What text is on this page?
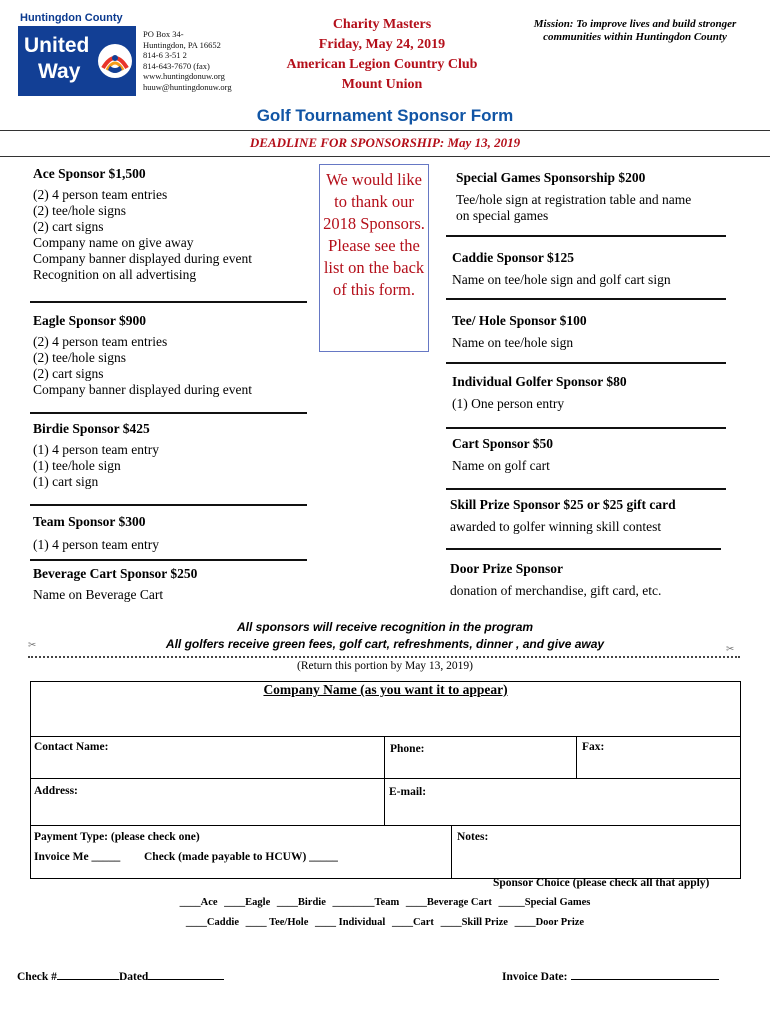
Huntingdon County
United
Way
TM
PO Box 34-
Huntingdon, PA 16652
814-6 3-51 2
814-643-7670 (fax)
www.huntingdonuw.org
huuw@huntingdonuw.org
Charity Masters
Friday, May 24, 2019
American Legion Country Club
Mount Union
Mission: To improve lives and build stronger communities within Huntingdon County
Golf Tournament Sponsor Form
DEADLINE FOR SPONSORSHIP: May 13, 2019
Ace Sponsor $1,500
(2) 4 person team entries
(2) tee/hole signs
(2) cart signs
Company name on give away
Company banner displayed during event
Recognition on all advertising
Eagle Sponsor $900
(2) 4 person team entries
(2) tee/hole signs
(2) cart signs
Company banner displayed during event
Birdie Sponsor $425
(1) 4 person team entry
(1) tee/hole sign
(1) cart sign
Team Sponsor $300
(1) 4 person team entry
Beverage Cart Sponsor $250
Name on Beverage Cart
We would like to thank our 2018 Sponsors. Please see the list on the back of this form.
Special Games Sponsorship $200
Tee/hole sign at registration table and name
on special games
Caddie Sponsor $125
Name on tee/hole sign and golf cart sign
Tee/ Hole Sponsor $100
Name on tee/hole sign
Individual Golfer Sponsor $80
(1) One person entry
Cart Sponsor $50
Name on golf cart
Skill Prize Sponsor $25 or $25 gift card
awarded to golfer winning skill contest
Door Prize Sponsor
donation of merchandise, gift card, etc.
All sponsors will receive recognition in the program
All golfers receive green fees, golf cart, refreshments, dinner , and give away
✂	✂
(Return this portion by May 13, 2019)
Company Name (as you want it to appear)
Contact Name:	Phone:	Fax:
Address:	E-mail:
Payment Type: (please check one)
Invoice Me _____ Check (made payable to HCUW) _____
Notes:
Sponsor Choice (please check all that apply)
____Ace ____Eagle ____Birdie ________Team ____Beverage Cart _____Special Games
____Caddie ____ Tee/Hole ____ Individual ____Cart ____Skill Prize ____Door Prize
Check #	Dated	Invoice Date:
